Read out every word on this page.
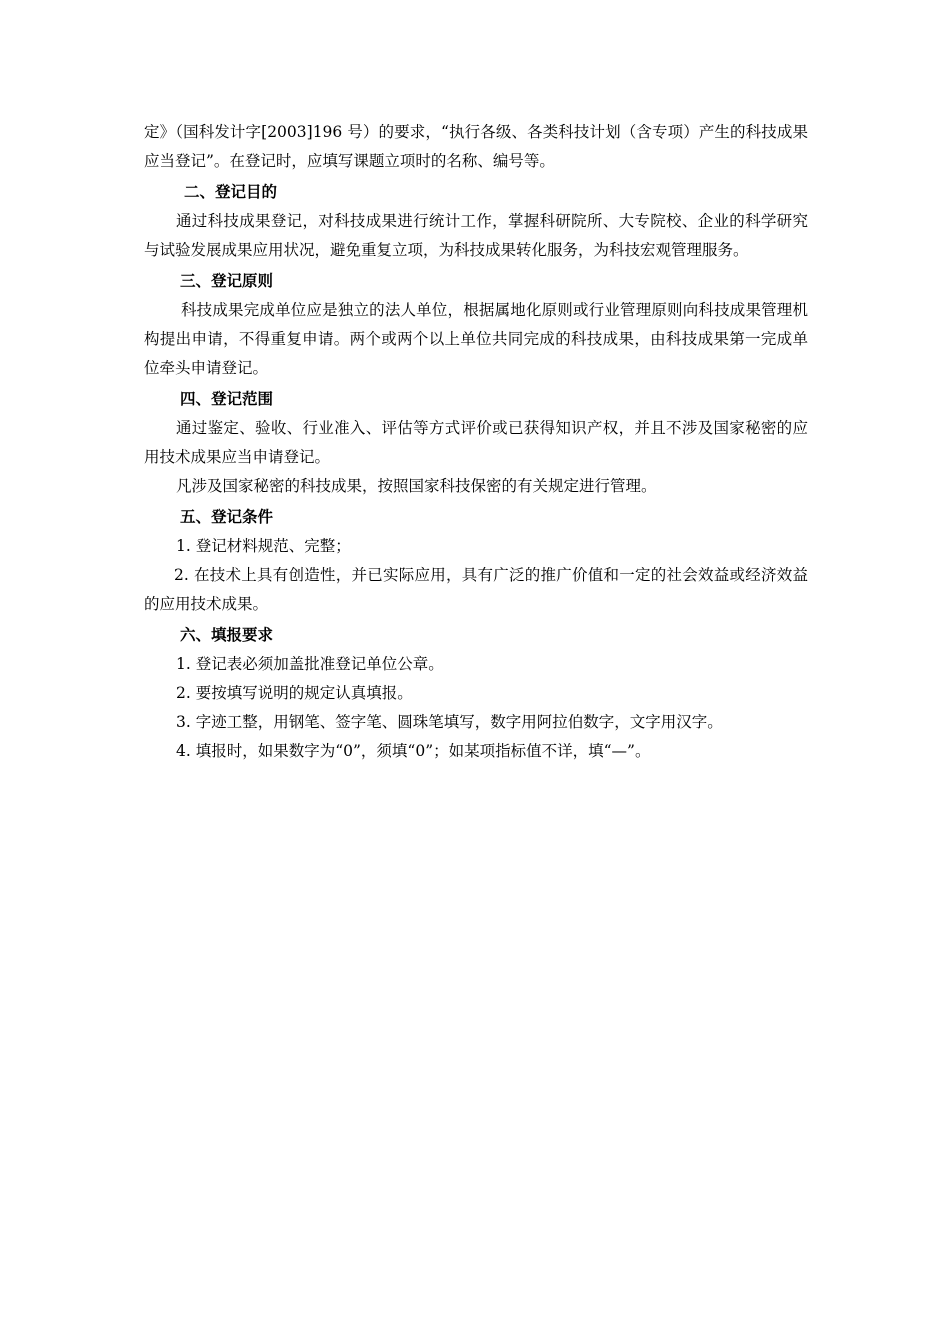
定》（国科发计字[2003]196 号）的要求，“执行各级、各类科技计划（含专项）产生的科技成果应当登记”。在登记时，应填写课题立项时的名称、编号等。

二、登记目的

通过科技成果登记，对科技成果进行统计工作，掌握科研院所、大专院校、企业的科学研究与试验发展成果应用状况，避免重复立项，为科技成果转化服务，为科技宏观管理服务。

三、登记原则

科技成果完成单位应是独立的法人单位，根据属地化原则或行业管理原则向科技成果管理机构提出申请，不得重复申请。两个或两个以上单位共同完成的科技成果，由科技成果第一完成单位牵头申请登记。

四、登记范围

通过鉴定、验收、行业准入、评估等方式评价或已获得知识产权，并且不涉及国家秘密的应用技术成果应当申请登记。

凡涉及国家秘密的科技成果，按照国家科技保密的有关规定进行管理。

五、登记条件

1. 登记材料规范、完整；

2. 在技术上具有创造性，并已实际应用，具有广泛的推广价值和一定的社会效益或经济效益的应用技术成果。

六、填报要求

1. 登记表必须加盖批准登记单位公章。

2. 要按填写说明的规定认真填报。

3. 字迹工整，用钢笔、签字笔、圆珠笔填写，数字用阿拉伯数字，文字用汉字。

4. 填报时，如果数字为“0”，须填“0”；如某项指标值不详，填“—”。
